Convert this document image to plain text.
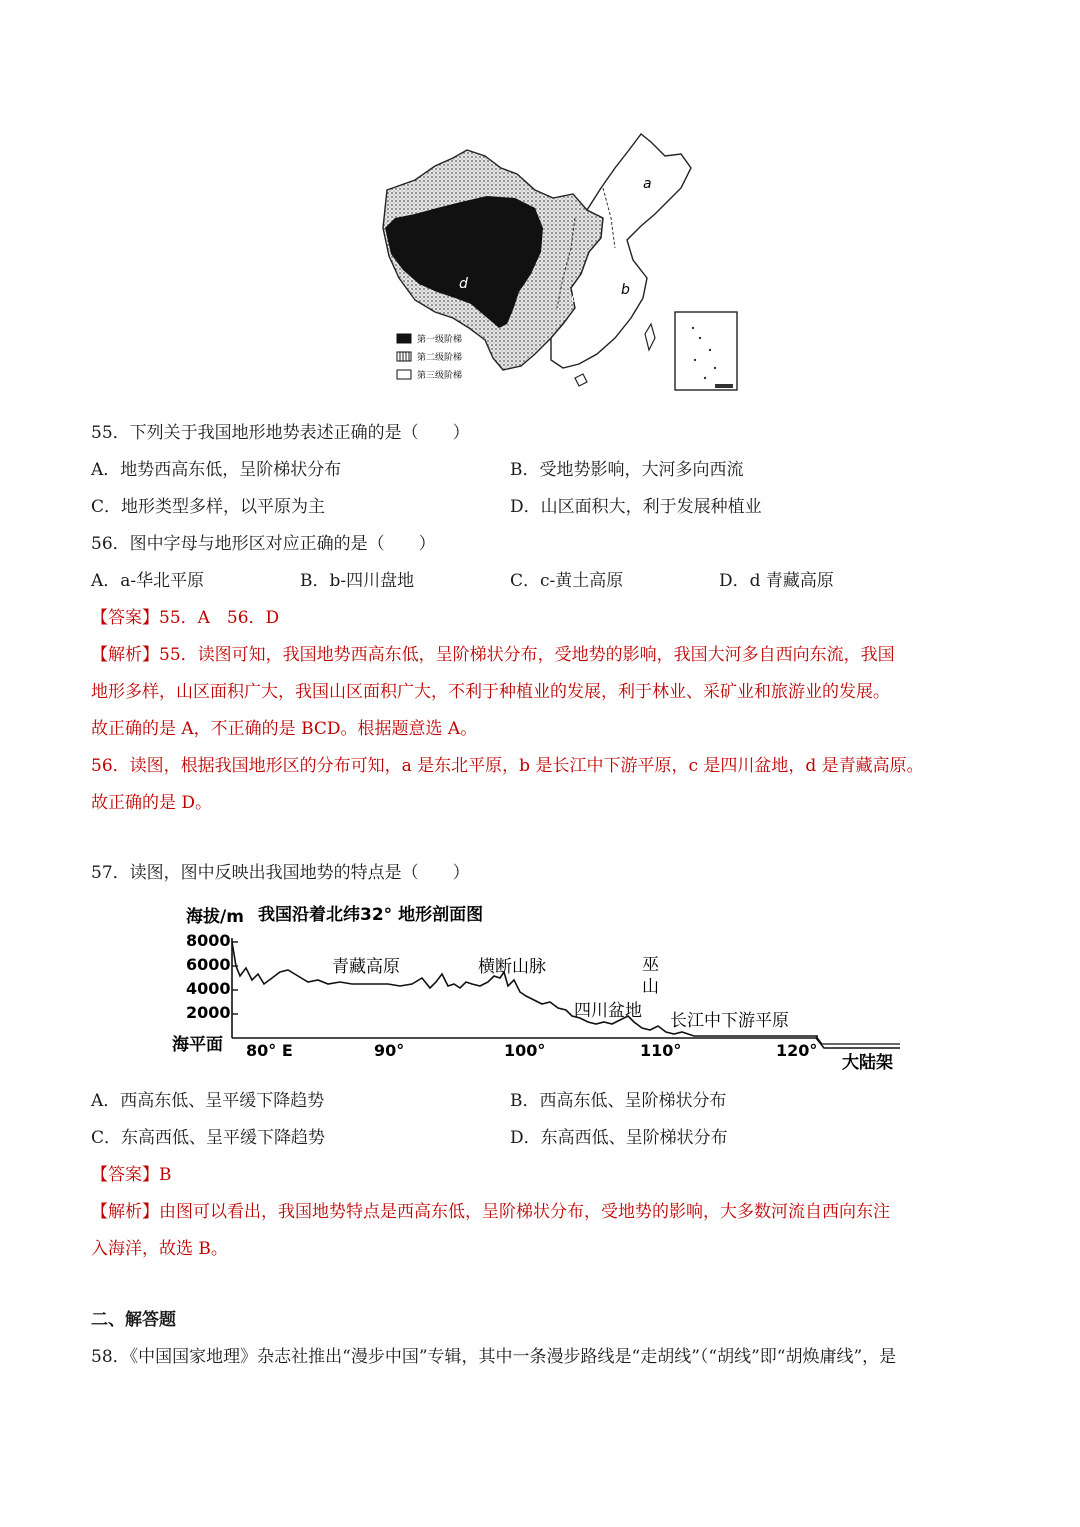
a
b
c
d
第一级阶梯
第二级阶梯
第三级阶梯
55．下列关于我国地形地势表述正确的是（　　）
A．地势西高东低，呈阶梯状分布	B．受地势影响，大河多向西流
C．地形类型多样，以平原为主	D．山区面积大，利于发展种植业
56．图中字母与地形区对应正确的是（　　）
A．a-华北平原	B．b-四川盘地	C．c-黄土高原	D．d 青藏高原
【答案】55．A　56．D
【解析】55．读图可知，我国地势西高东低，呈阶梯状分布，受地势的影响，我国大河多自西向东流，我国
地形多样，山区面积广大，我国山区面积广大，不利于种植业的发展，利于林业、采矿业和旅游业的发展。
故正确的是 A，不正确的是 BCD。根据题意选 A。
56．读图，根据我国地形区的分布可知，a 是东北平原，b 是长江中下游平原，c 是四川盆地，d 是青藏高原。
故正确的是 D。
57．读图，图中反映出我国地势的特点是（　　）
海拔/m 我国沿着北纬32° 地形剖面图
8000
6000
4000
2000
海平面 80° E	90°	100°	110°	120°
青藏高原	横断山脉	巫
山
四川盆地 长江中下游平原
大陆架
A．西高东低、呈平缓下降趋势	B．西高东低、呈阶梯状分布
C．东高西低、呈平缓下降趋势	D．东高西低、呈阶梯状分布
【答案】B
【解析】由图可以看出，我国地势特点是西高东低，呈阶梯状分布，受地势的影响，大多数河流自西向东注
入海洋，故选 B。
二、解答题
58．《中国国家地理》杂志社推出“漫步中国”专辑，其中一条漫步路线是“走胡线”（“胡线”即“胡焕庸线”，是
